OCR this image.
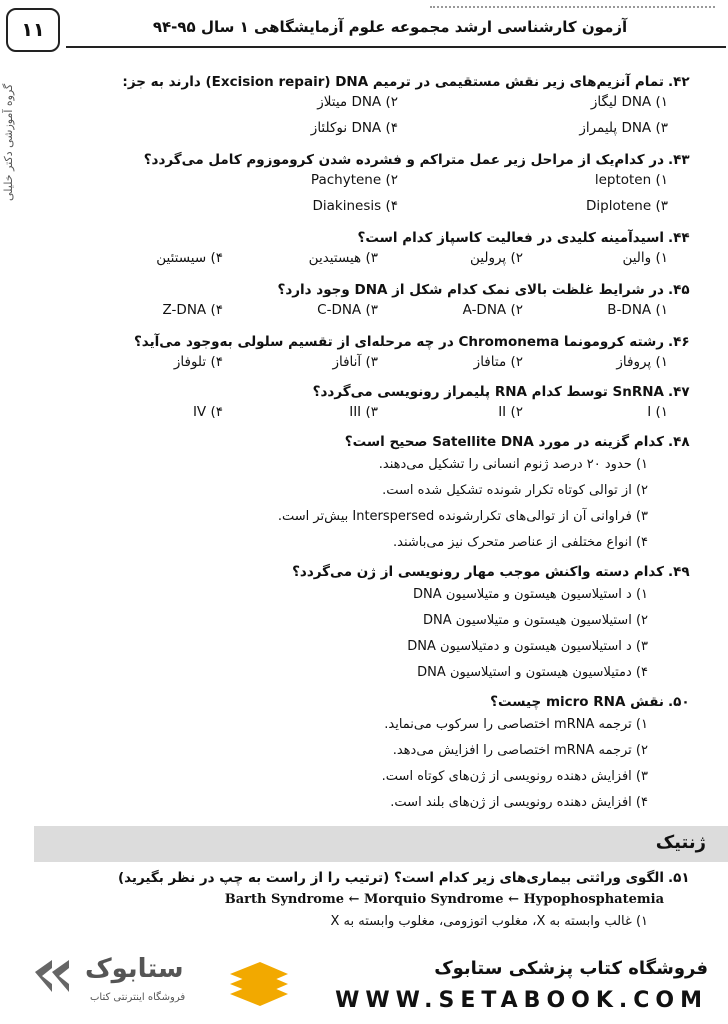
۱۱	آزمون کارشناسی ارشد مجموعه علوم آزمایشگاهی ۱ سال ۹۵-۹۴
گروه آموزشی دکتر خلیلی
۴۲.
تمام آنزیم‌های زیر نقش مستقیمی در ترمیم Excision repair) DNA) دارند به جز:
۱) DNA لیگاز
۲) DNA میتلاز
۳) DNA پلیمراز
۴) DNA نوکلئاز
۴۳.
در کدام‌یک از مراحل زیر عمل متراکم و فشرده شدن کروموزوم کامل می‌گردد؟
۱) leptoten
۲) Pachytene
۳) Diplotene
۴) Diakinesis
۴۴.
اسیدآمینه کلیدی در فعالیت کاسپاز کدام است؟
۱) والین
۲) پرولین
۳) هیستیدین
۴) سیستئین
۴۵.
در شرایط غلظت بالای نمک کدام شکل از DNA وجود دارد؟
۱) B-DNA
۲) A-DNA
۳) C-DNA
۴) Z-DNA
۴۶.
رشته کرومونما Chromonema در چه مرحله‌ای از تقسیم سلولی به‌وجود می‌آید؟
۱) پروفاز
۲) متافاز
۳) آنافاز
۴) تلوفاز
۴۷.
SnRNA توسط کدام RNA پلیمراز رونویسی می‌گردد؟
۱) I
۲) II
۳) III
۴) IV
۴۸.
کدام گزینه در مورد Satellite DNA صحیح است؟
۱) حدود ۲۰ درصد ژنوم انسانی را تشکیل می‌دهند.
۲) از توالی کوتاه تکرار شونده تشکیل شده است.
۳) فراوانی آن از توالی‌های تکرارشونده Interspersed بیش‌تر است.
۴) انواع مختلفی از عناصر متحرک نیز می‌باشند.
۴۹.
کدام دسته واکنش موجب مهار رونویسی از ژن می‌گردد؟
۱) د استیلاسیون هیستون و متیلاسیون DNA
۲) استیلاسیون هیستون و متیلاسیون DNA
۳) د استیلاسیون هیستون و دمتیلاسیون DNA
۴) دمتیلاسیون هیستون و استیلاسیون DNA
۵۰.
نقش micro RNA چیست؟
۱) ترجمه mRNA اختصاصی را سرکوب می‌نماید.
۲) ترجمه mRNA اختصاصی را افزایش می‌دهد.
۳) افزایش دهنده رونویسی از ژن‌های کوتاه است.
۴) افزایش دهنده رونویسی از ژن‌های بلند است.
ژنتیک
۵۱.
الگوی وراثتی بیماری‌های زیر کدام است؟ (ترتیب را از راست به چپ در نظر بگیرید)
Barth Syndrome ← Morquio Syndrome ← Hypophosphatemia
۱) غالب وابسته به X، مغلوب اتوزومی، مغلوب وابسته به X
فروشگاه کتاب پزشکی ستابوک
WWW.SETABOOK.COM
ستابوک
فروشگاه اینترنتی کتاب
